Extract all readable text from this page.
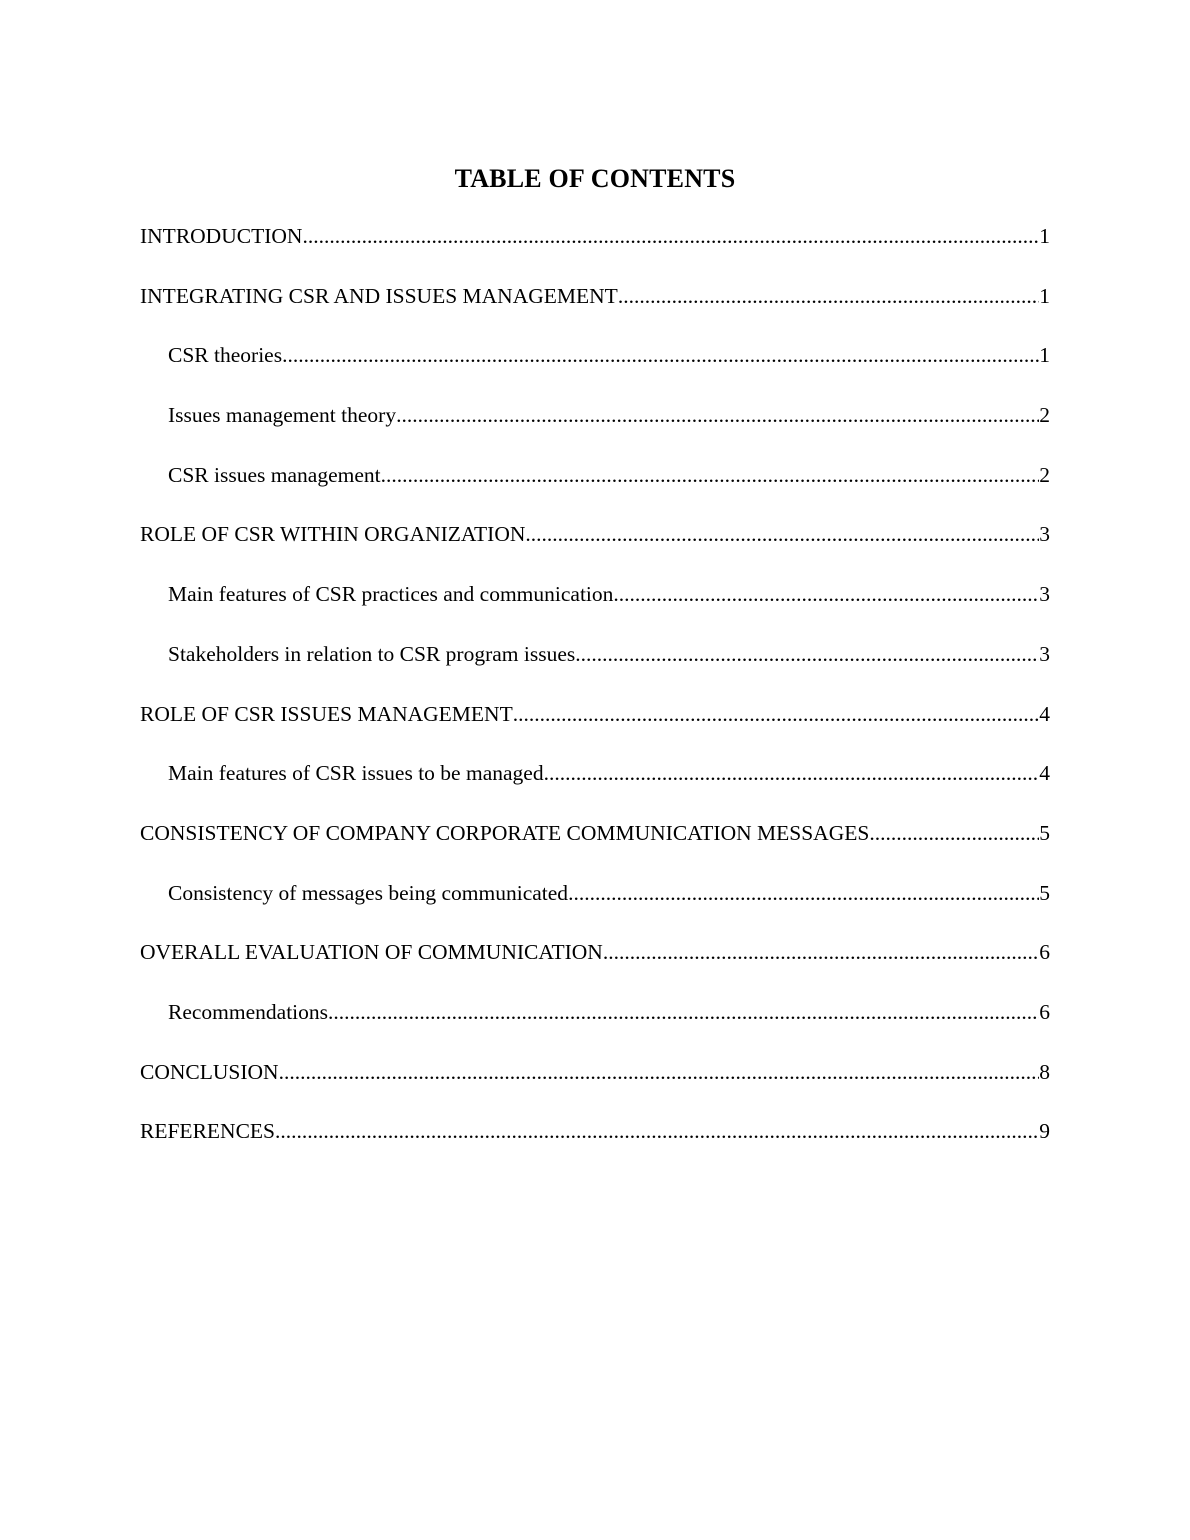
TABLE OF CONTENTS
INTRODUCTION .....	1
INTEGRATING CSR AND ISSUES MANAGEMENT .....	1
CSR theories .....	1
Issues management theory .....	2
CSR issues management .....	2
ROLE OF CSR WITHIN ORGANIZATION .....	3
Main features of CSR practices and communication .....	3
Stakeholders in relation to CSR program issues .....	3
ROLE OF CSR ISSUES MANAGEMENT .....	4
Main features of CSR issues to be managed .....	4
CONSISTENCY OF COMPANY CORPORATE COMMUNICATION MESSAGES .....	5
Consistency of messages being communicated .....	5
OVERALL EVALUATION OF COMMUNICATION .....	6
Recommendations .....	6
CONCLUSION .....	8
REFERENCES .....	9
